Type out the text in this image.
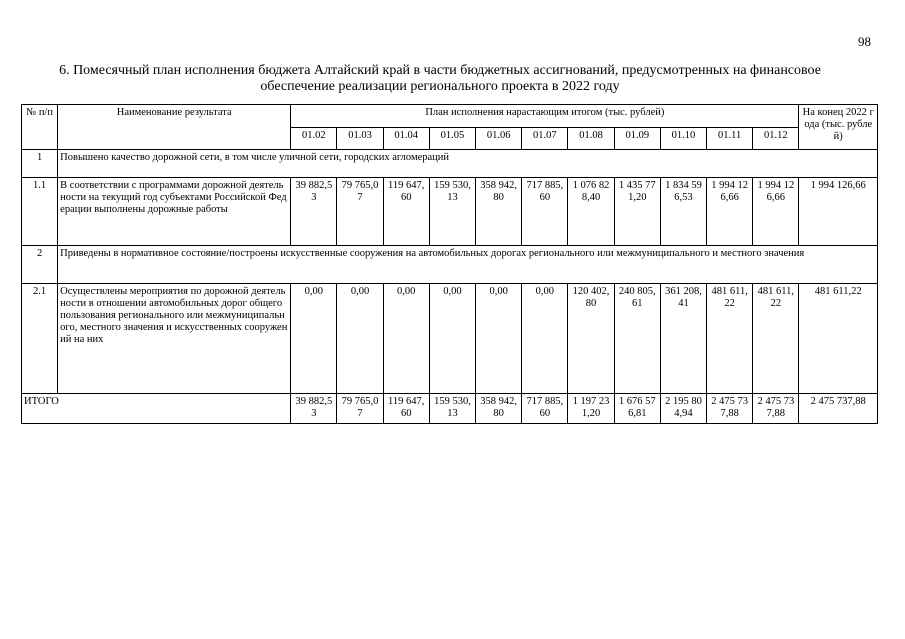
98
6. Помесячный план исполнения бюджета Алтайский край в части бюджетных ассигнований, предусмотренных на финансовое
обеспечение реализации регионального проекта в 2022 году
№ п/п	Наименование результата	План исполнения нарастающим итогом (тыс. рублей)											На конец 2022 года (тыс. рублей)
		01.02	01.03	01.04	01.05	01.06	01.07	01.08	01.09	01.10	01.11	01.12	
1	Повышено качество дорожной сети, в том числе уличной сети, городских агломераций												
1.1	В соответствии с программами дорожной деятельности на текущий год субъектами Российской Федерации выполнены дорожные работы	39 882,53	79 765,07	119 647,60	159 530,13	358 942,80	717 885,60	1 076 828,40	1 435 771,20	1 834 596,53	1 994 126,66	1 994 126,66	1 994 126,66
2	Приведены в нормативное состояние/построены искусственные сооружения на автомобильных дорогах регионального или межмуниципального и местного значения												
2.1	Осуществлены мероприятия по дорожной деятельности в отношении автомобильных дорог общего пользования регионального или межмуниципального, местного значения и искусственных сооружений на них	0,00	0,00	0,00	0,00	0,00	0,00	120 402,80	240 805,61	361 208,41	481 611,22	481 611,22	481 611,22
ИТОГО		39 882,53	79 765,07	119 647,60	159 530,13	358 942,80	717 885,60	1 197 231,20	1 676 576,81	2 195 804,94	2 475 737,88	2 475 737,88	2 475 737,88
